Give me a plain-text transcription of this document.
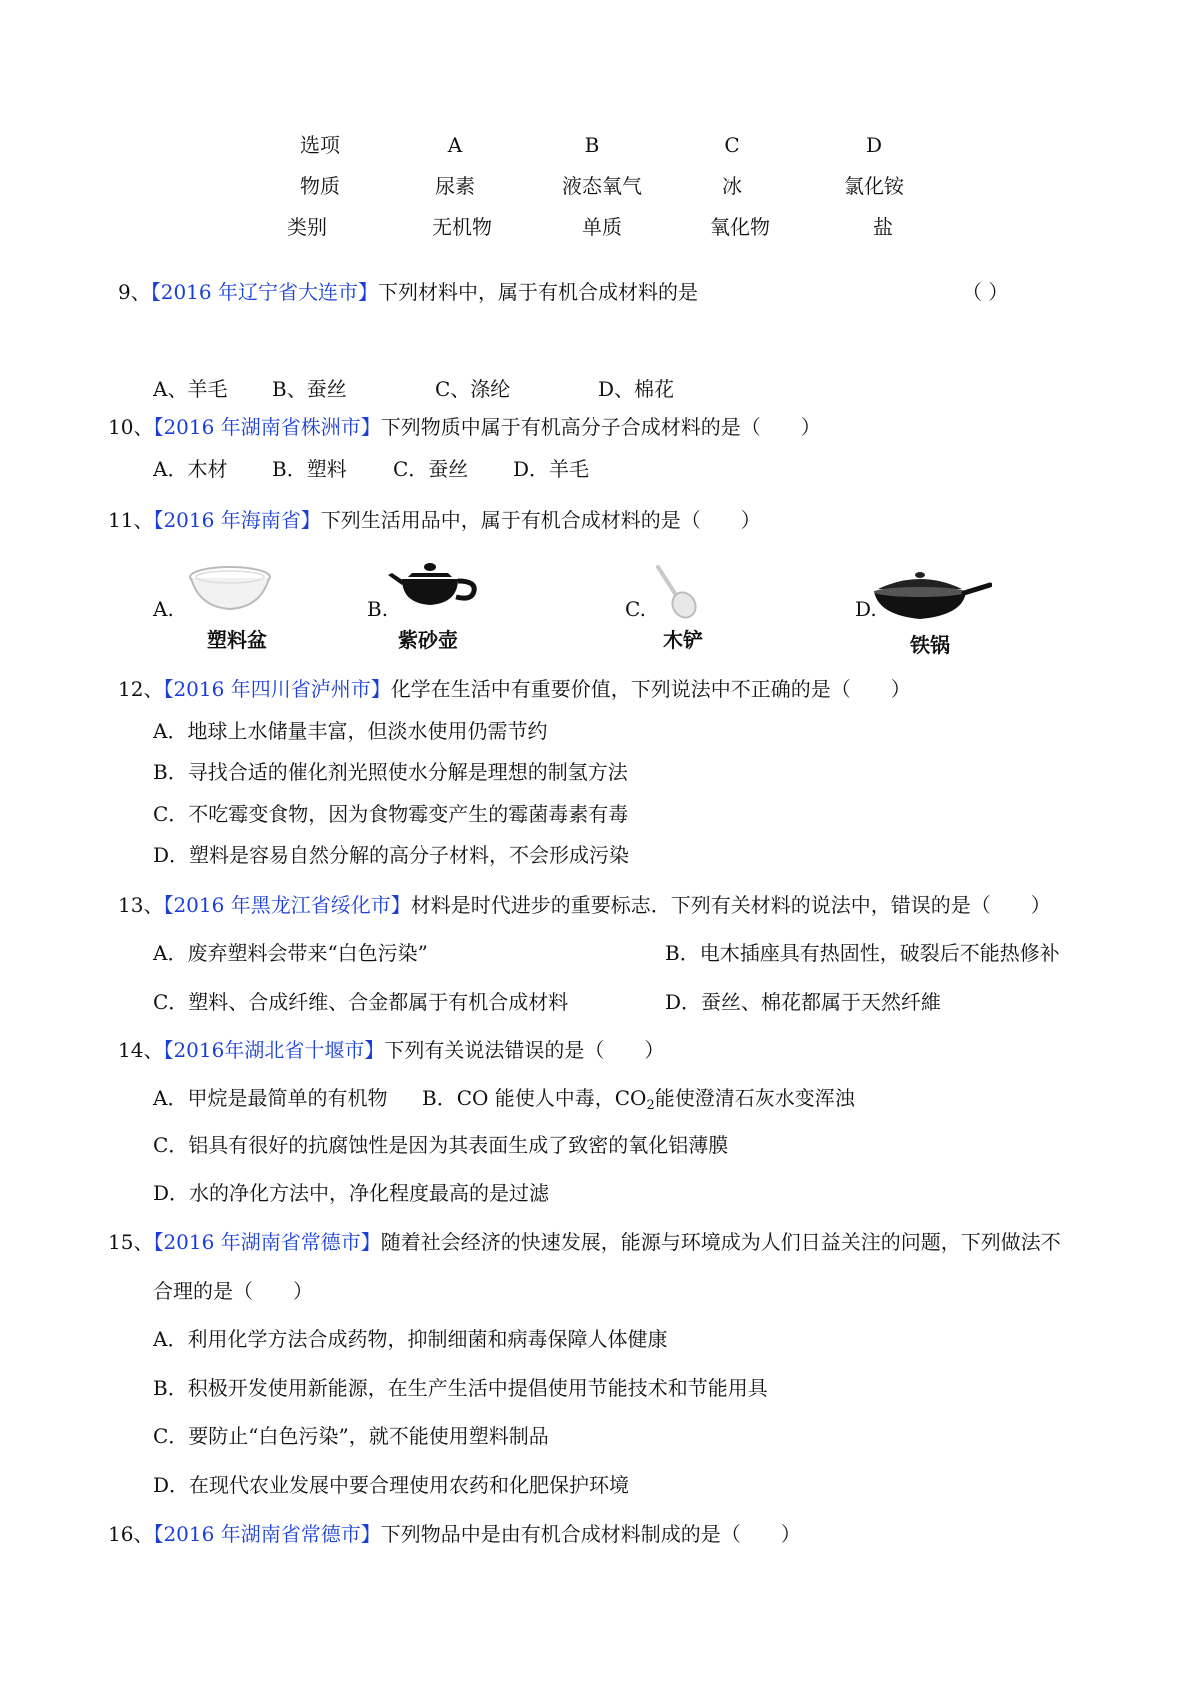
选项	A	B	C	D
物质	尿素	液态氧气	冰	氯化铵
类别	无机物	单质	氧化物	盐
9、【2016 年辽宁省大连市】下列材料中，属于有机合成材料的是	（ ）
A、羊毛 B、蚕丝	C、涤纶	D、棉花
10、【2016 年湖南省株洲市】下列物质中属于有机高分子合成材料的是（　　）
A．木材 B．塑料 C．蚕丝 D．羊毛
11、【2016 年海南省】下列生活用品中，属于有机合成材料的是（　　）
A.
塑料盆
B.
紫砂壶
C.
木铲
D.
铁锅
12、【2016 年四川省泸州市】化学在生活中有重要价值，下列说法中不正确的是（　　）
A．地球上水储量丰富，但淡水使用仍需节约
B．寻找合适的催化剂光照使水分解是理想的制氢方法
C．不吃霉变食物，因为食物霉变产生的霉菌毒素有毒
D．塑料是容易自然分解的高分子材料，不会形成污染
13、【2016 年黑龙江省绥化市】材料是时代进步的重要标志．下列有关材料的说法中，错误的是（　　）
A．废弃塑料会带来“白色污染”	B．电木插座具有热固性，破裂后不能热修补
C．塑料、合成纤维、合金都属于有机合成材料	D．蚕丝、棉花都属于天然纤維
14、【2016年湖北省十堰市】下列有关说法错误的是（　　）
A．甲烷是最简单的有机物 B．CO 能使人中毒，$CO_2$能使澄清石灰水变浑浊
C．铝具有很好的抗腐蚀性是因为其表面生成了致密的氧化铝薄膜
D．水的净化方法中，净化程度最高的是过滤
15、【2016 年湖南省常德市】随着社会经济的快速发展，能源与环境成为人们日益关注的问题，下列做法不
合理的是（　　）
A．利用化学方法合成药物，抑制细菌和病毒保障人体健康
B．积极开发使用新能源，在生产生活中提倡使用节能技术和节能用具
C．要防止“白色污染”，就不能使用塑料制品
D．在现代农业发展中要合理使用农药和化肥保护环境
16、【2016 年湖南省常德市】下列物品中是由有机合成材料制成的是（　　）
